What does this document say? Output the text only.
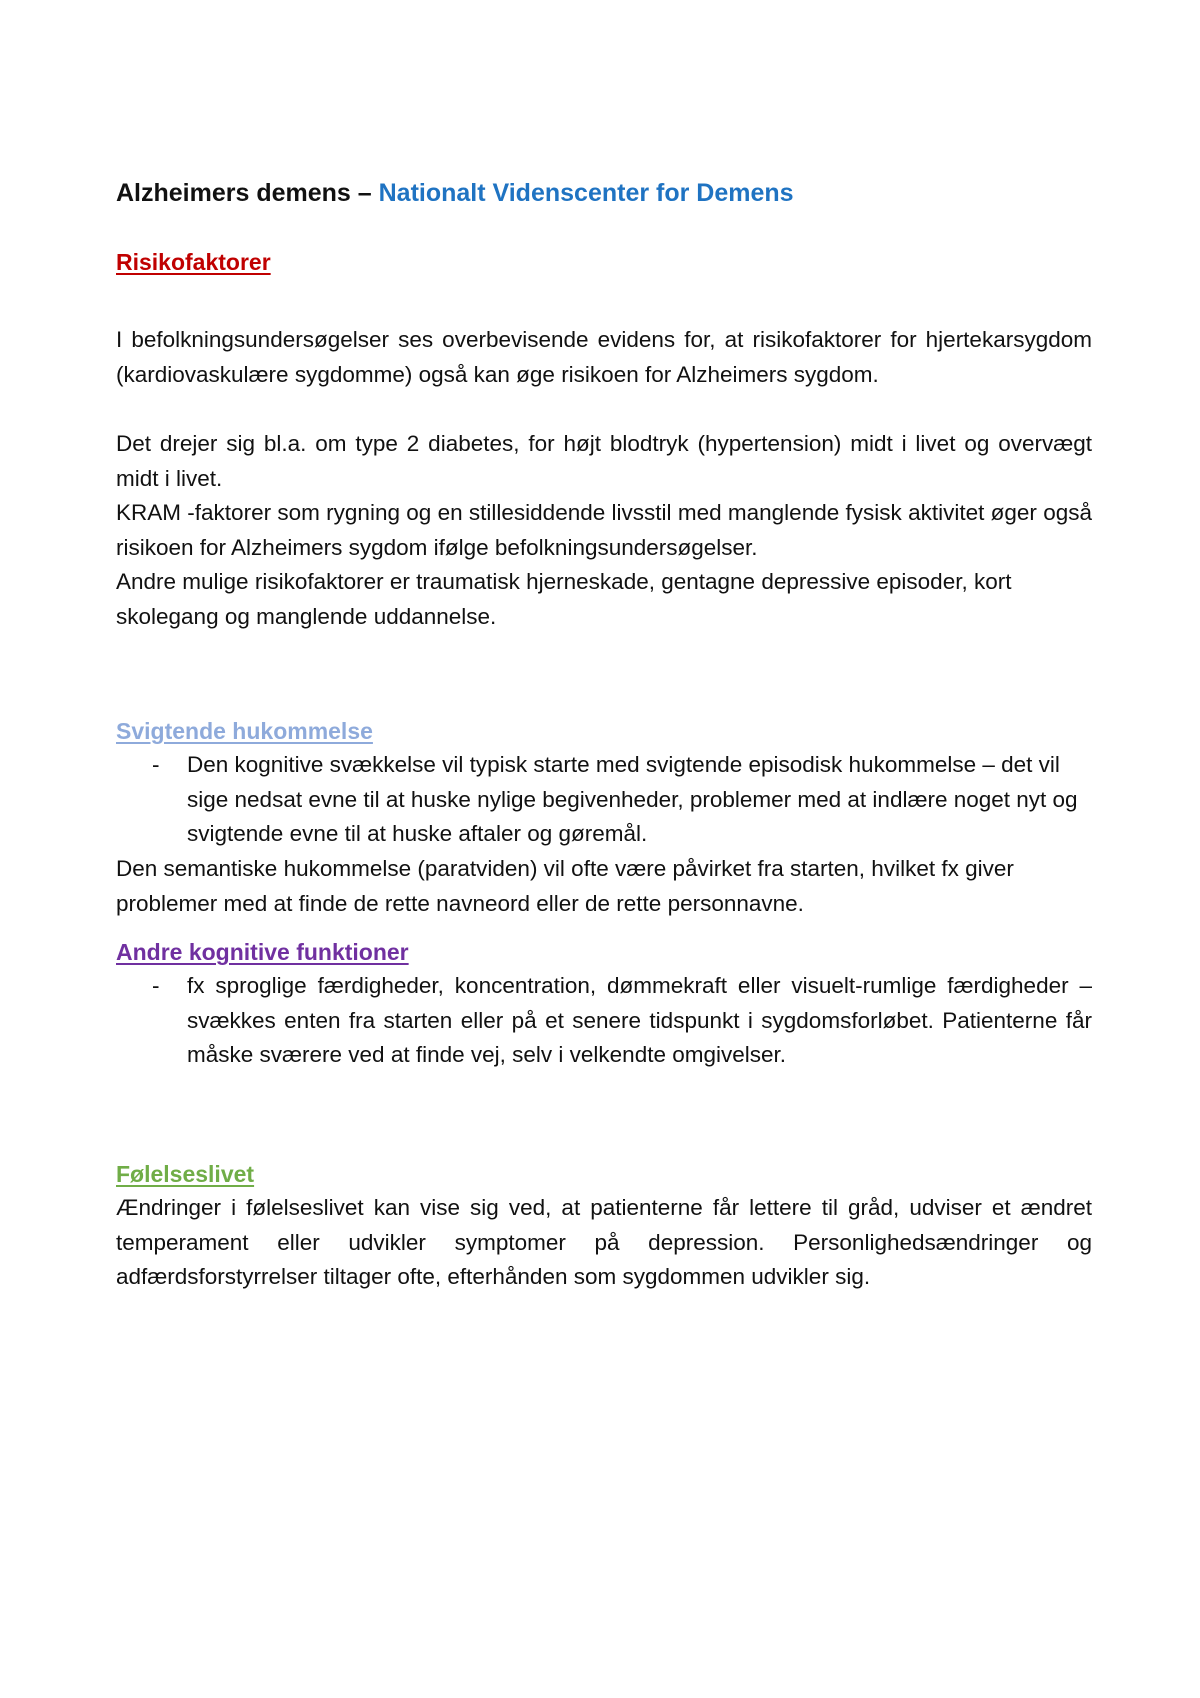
Alzheimers demens – Nationalt Videnscenter for Demens
Risikofaktorer

I befolkningsundersøgelser ses overbevisende evidens for, at risikofaktorer for hjertekarsygdom (kardiovaskulære sygdomme) også kan øge risikoen for Alzheimers sygdom.

Det drejer sig bl.a. om type 2 diabetes, for højt blodtryk (hypertension) midt i livet og overvægt midt i livet.

KRAM -faktorer som rygning og en stillesiddende livsstil med manglende fysisk aktivitet øger også risikoen for Alzheimers sygdom ifølge befolkningsundersøgelser.

Andre mulige risikofaktorer er traumatisk hjerneskade, gentagne depressive episoder, kort skolegang og manglende uddannelse.

Svigtende hukommelse
- Den kognitive svækkelse vil typisk starte med svigtende episodisk hukommelse – det vil sige nedsat evne til at huske nylige begivenheder, problemer med at indlære noget nyt og svigtende evne til at huske aftaler og gøremål.

Den semantiske hukommelse (paratviden) vil ofte være påvirket fra starten, hvilket fx giver problemer med at finde de rette navneord eller de rette personnavne.

Andre kognitive funktioner
- fx sproglige færdigheder, koncentration, dømmekraft eller visuelt-rumlige færdigheder – svækkes enten fra starten eller på et senere tidspunkt i sygdomsforløbet. Patienterne får måske sværere ved at finde vej, selv i velkendte omgivelser.

Følelseslivet

Ændringer i følelseslivet kan vise sig ved, at patienterne får lettere til gråd, udviser et ændret temperament eller udvikler symptomer på depression. Personlighedsændringer og adfærdsforstyrrelser tiltager ofte, efterhånden som sygdommen udvikler sig.
